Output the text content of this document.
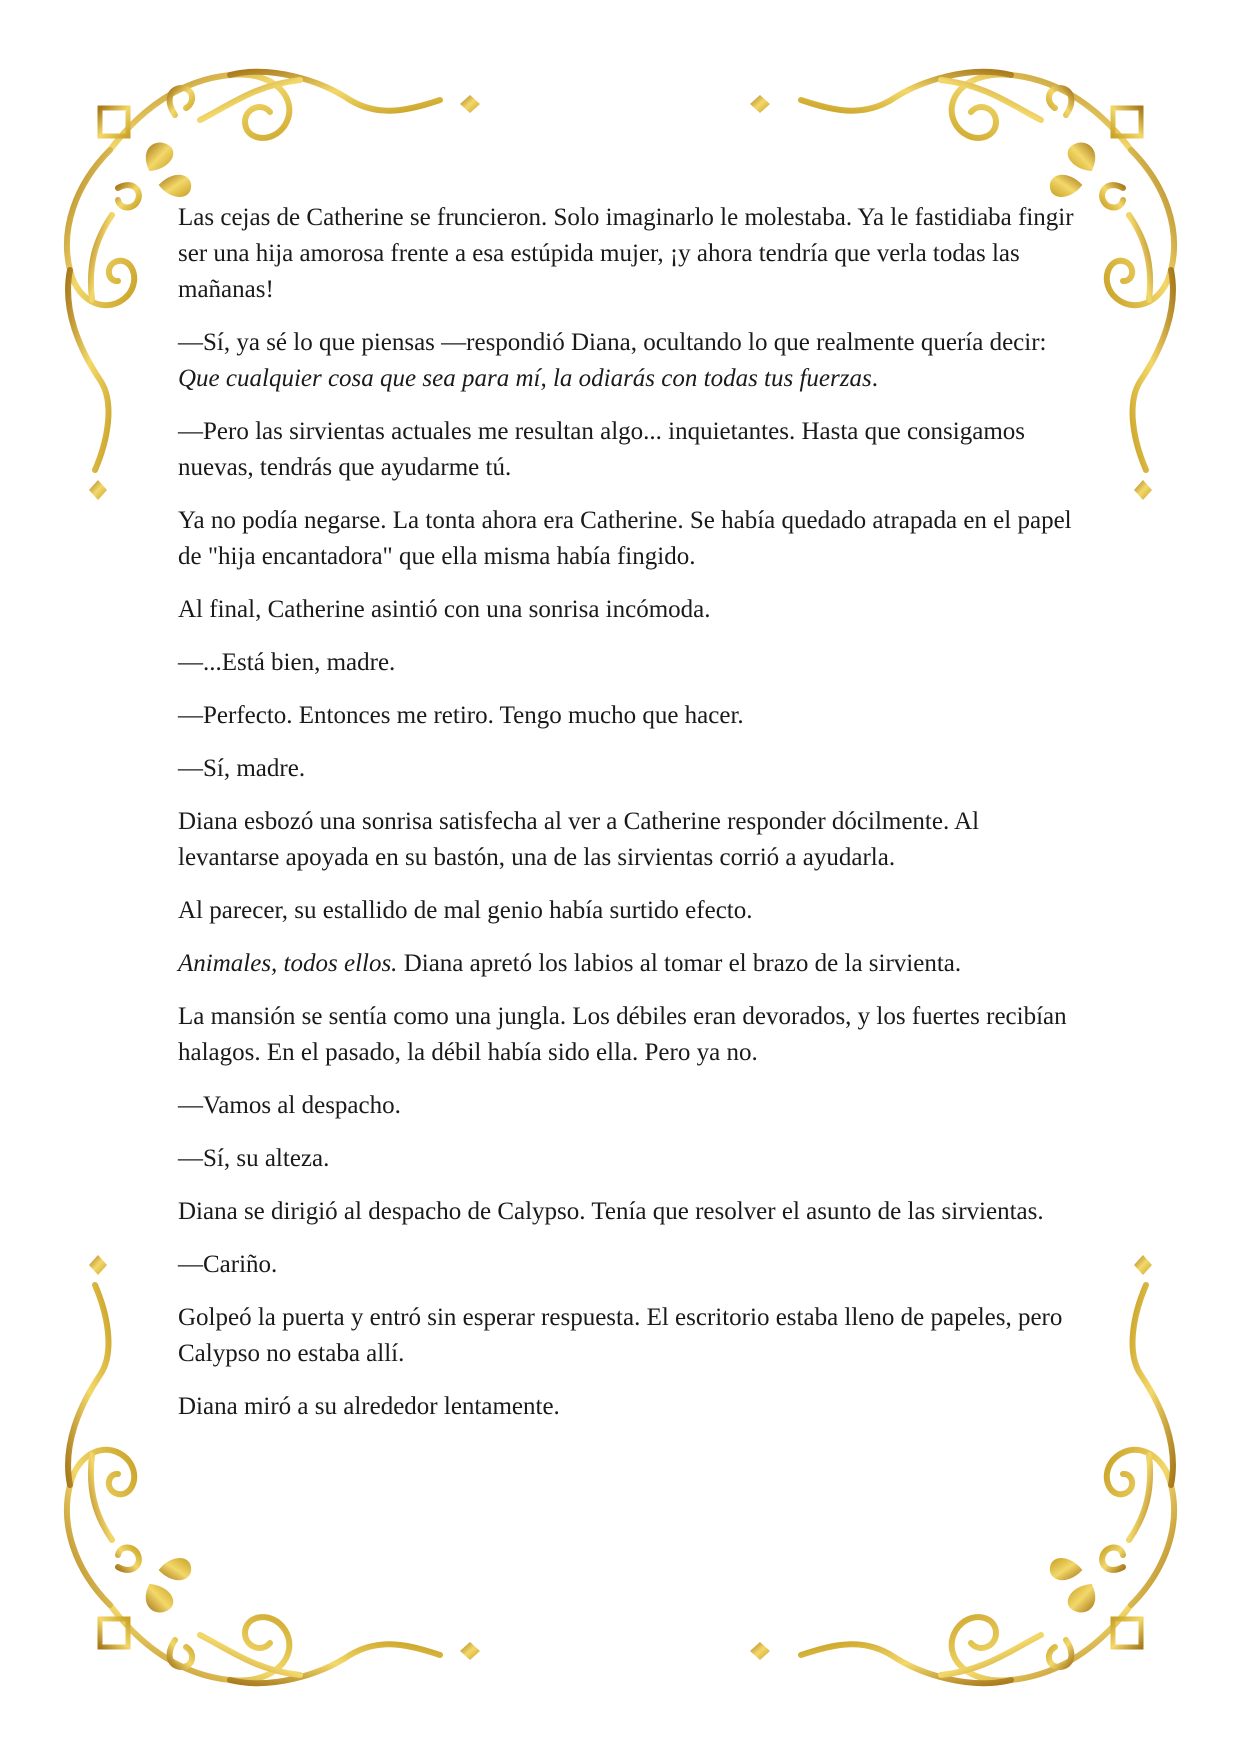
Las cejas de Catherine se fruncieron. Solo imaginarlo le molestaba. Ya le fastidiaba fingir ser una hija amorosa frente a esa estúpida mujer, ¡y ahora tendría que verla todas las mañanas!

—Sí, ya sé lo que piensas —respondió Diana, ocultando lo que realmente quería decir: Que cualquier cosa que sea para mí, la odiarás con todas tus fuerzas.

—Pero las sirvientas actuales me resultan algo... inquietantes. Hasta que consigamos nuevas, tendrás que ayudarme tú.

Ya no podía negarse. La tonta ahora era Catherine. Se había quedado atrapada en el papel de "hija encantadora" que ella misma había fingido.

Al final, Catherine asintió con una sonrisa incómoda.

—...Está bien, madre.

—Perfecto. Entonces me retiro. Tengo mucho que hacer.

—Sí, madre.

Diana esbozó una sonrisa satisfecha al ver a Catherine responder dócilmente. Al levantarse apoyada en su bastón, una de las sirvientas corrió a ayudarla.

Al parecer, su estallido de mal genio había surtido efecto.

Animales, todos ellos. Diana apretó los labios al tomar el brazo de la sirvienta.

La mansión se sentía como una jungla. Los débiles eran devorados, y los fuertes recibían halagos. En el pasado, la débil había sido ella. Pero ya no.

—Vamos al despacho.

—Sí, su alteza.

Diana se dirigió al despacho de Calypso. Tenía que resolver el asunto de las sirvientas.

—Cariño.

Golpeó la puerta y entró sin esperar respuesta. El escritorio estaba lleno de papeles, pero Calypso no estaba allí.

Diana miró a su alrededor lentamente.
